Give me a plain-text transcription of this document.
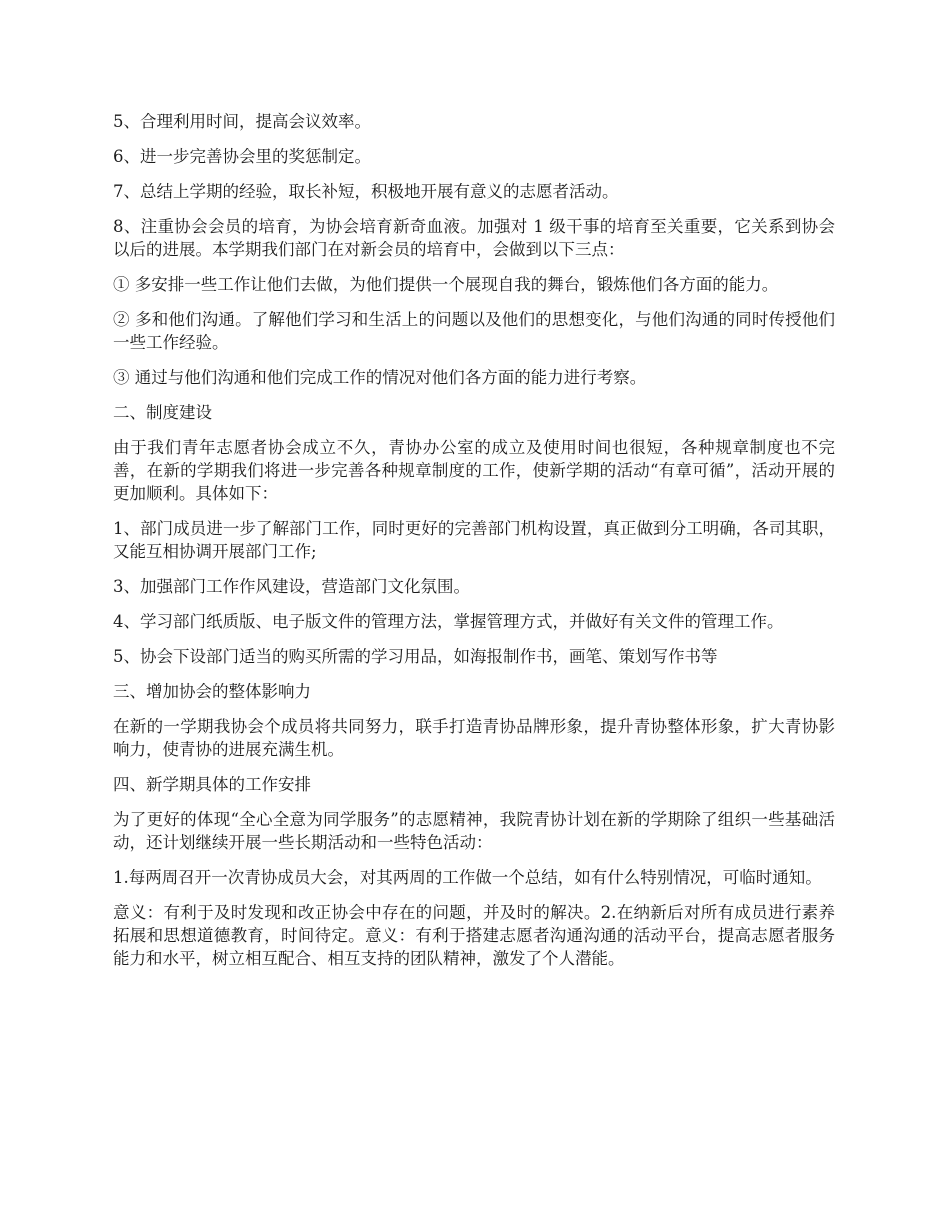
5、合理利用时间，提高会议效率。

6、进一步完善协会里的奖惩制定。

7、总结上学期的经验，取长补短，积极地开展有意义的志愿者活动。

8、注重协会会员的培育，为协会培育新奇血液。加强对 1 级干事的培育至关重要，它关系到协会以后的进展。本学期我们部门在对新会员的培育中，会做到以下三点：

① 多安排一些工作让他们去做，为他们提供一个展现自我的舞台，锻炼他们各方面的能力。

② 多和他们沟通。了解他们学习和生活上的问题以及他们的思想变化，与他们沟通的同时传授他们一些工作经验。

③ 通过与他们沟通和他们完成工作的情况对他们各方面的能力进行考察。

二、制度建设

由于我们青年志愿者协会成立不久，青协办公室的成立及使用时间也很短，各种规章制度也不完善，在新的学期我们将进一步完善各种规章制度的工作，使新学期的活动“有章可循”，活动开展的更加顺利。具体如下：

1、部门成员进一步了解部门工作，同时更好的完善部门机构设置，真正做到分工明确，各司其职，又能互相协调开展部门工作;

3、加强部门工作作风建设，营造部门文化氛围。

4、学习部门纸质版、电子版文件的管理方法，掌握管理方式，并做好有关文件的管理工作。

5、协会下设部门适当的购买所需的学习用品，如海报制作书，画笔、策划写作书等

三、增加协会的整体影响力

在新的一学期我协会个成员将共同努力，联手打造青协品牌形象，提升青协整体形象，扩大青协影响力，使青协的进展充满生机。

四、新学期具体的工作安排

为了更好的体现“全心全意为同学服务”的志愿精神，我院青协计划在新的学期除了组织一些基础活动，还计划继续开展一些长期活动和一些特色活动：

1.每两周召开一次青协成员大会，对其两周的工作做一个总结，如有什么特别情况，可临时通知。

意义：有利于及时发现和改正协会中存在的问题，并及时的解决。2.在纳新后对所有成员进行素养拓展和思想道德教育，时间待定。意义：有利于搭建志愿者沟通沟通的活动平台，提高志愿者服务能力和水平，树立相互配合、相互支持的团队精神，激发了个人潜能。
